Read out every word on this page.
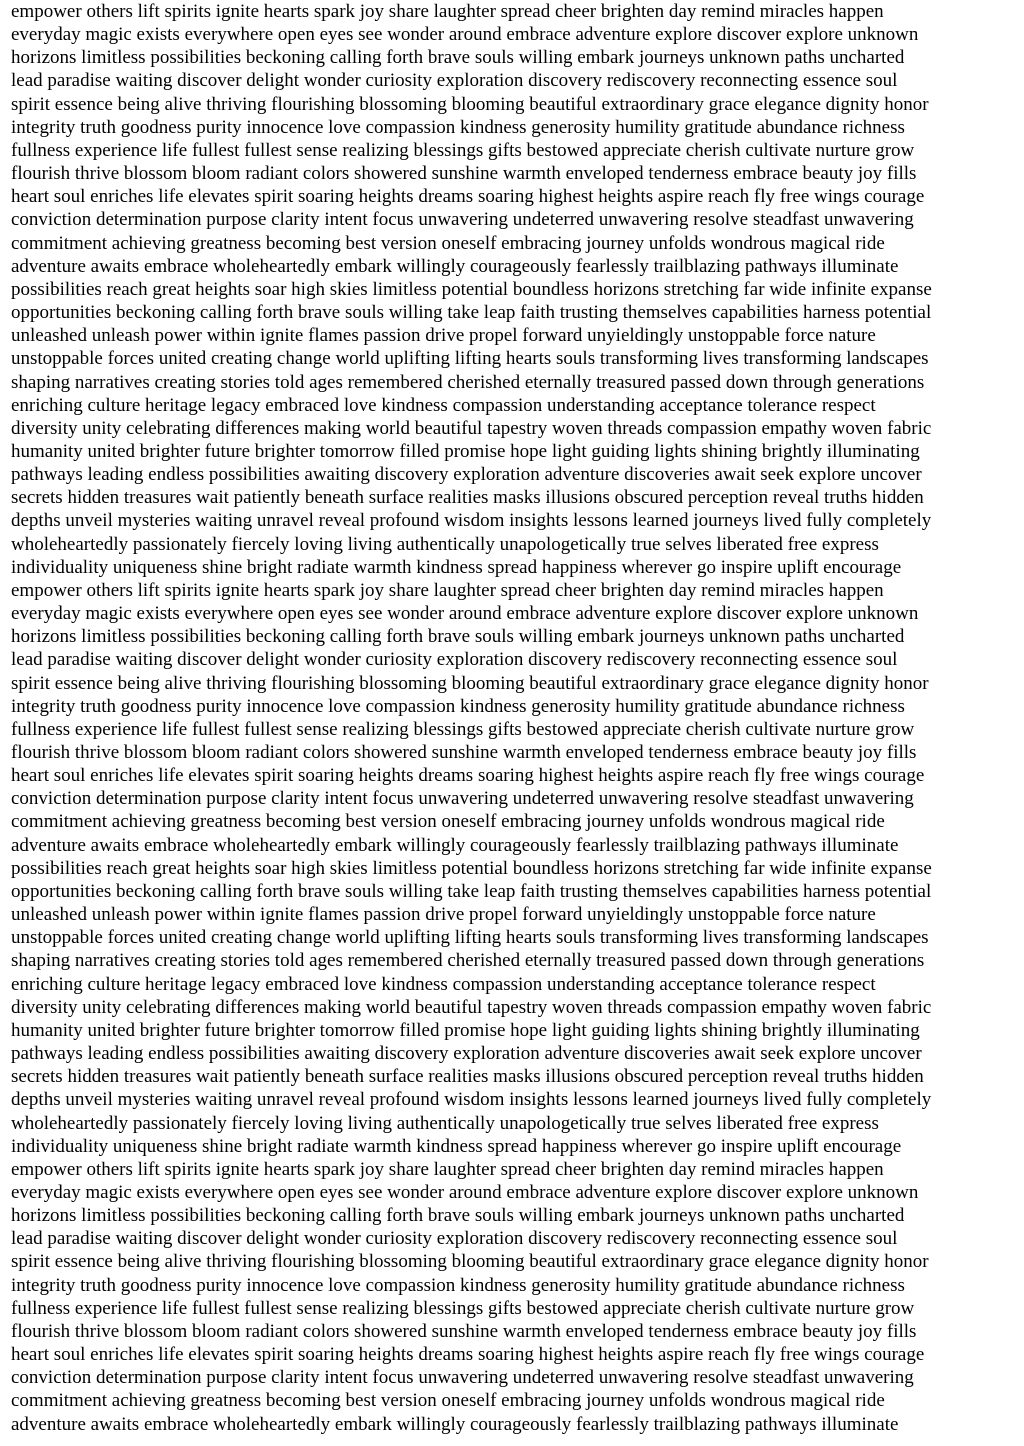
empower others lift spirits ignite hearts spark joy share laughter spread cheer brighten day remind miracles happen

everyday magic exists everywhere open eyes see wonder around embrace adventure explore discover explore unknown

horizons limitless possibilities beckoning calling forth brave souls willing embark journeys unknown paths uncharted

lead paradise waiting discover delight wonder curiosity exploration discovery rediscovery reconnecting essence soul

spirit essence being alive thriving flourishing blossoming blooming beautiful extraordinary grace elegance dignity honor

integrity truth goodness purity innocence love compassion kindness generosity humility gratitude abundance richness

fullness experience life fullest fullest sense realizing blessings gifts bestowed appreciate cherish cultivate nurture grow

flourish thrive blossom bloom radiant colors showered sunshine warmth enveloped tenderness embrace beauty joy fills

heart soul enriches life elevates spirit soaring heights dreams soaring highest heights aspire reach fly free wings courage

conviction determination purpose clarity intent focus unwavering undeterred unwavering resolve steadfast unwavering

commitment achieving greatness becoming best version oneself embracing journey unfolds wondrous magical ride

adventure awaits embrace wholeheartedly embark willingly courageously fearlessly trailblazing pathways illuminate

possibilities reach great heights soar high skies limitless potential boundless horizons stretching far wide infinite expanse

opportunities beckoning calling forth brave souls willing take leap faith trusting themselves capabilities harness potential

unleashed unleash power within ignite flames passion drive propel forward unyieldingly unstoppable force nature

unstoppable forces united creating change world uplifting lifting hearts souls transforming lives transforming landscapes

shaping narratives creating stories told ages remembered cherished eternally treasured passed down through generations

enriching culture heritage legacy embraced love kindness compassion understanding acceptance tolerance respect

diversity unity celebrating differences making world beautiful tapestry woven threads compassion empathy woven fabric

humanity united brighter future brighter tomorrow filled promise hope light guiding lights shining brightly illuminating

pathways leading endless possibilities awaiting discovery exploration adventure discoveries await seek explore uncover

secrets hidden treasures wait patiently beneath surface realities masks illusions obscured perception reveal truths hidden

depths unveil mysteries waiting unravel reveal profound wisdom insights lessons learned journeys lived fully completely

wholeheartedly passionately fiercely loving living authentically unapologetically true selves liberated free express

individuality uniqueness shine bright radiate warmth kindness spread happiness wherever go inspire uplift encourage

empower others lift spirits ignite hearts spark joy share laughter spread cheer brighten day remind miracles happen

everyday magic exists everywhere open eyes see wonder around embrace adventure explore discover explore unknown

horizons limitless possibilities beckoning calling forth brave souls willing embark journeys unknown paths uncharted

lead paradise waiting discover delight wonder curiosity exploration discovery rediscovery reconnecting essence soul

spirit essence being alive thriving flourishing blossoming blooming beautiful extraordinary grace elegance dignity honor

integrity truth goodness purity innocence love compassion kindness generosity humility gratitude abundance richness

fullness experience life fullest fullest sense realizing blessings gifts bestowed appreciate cherish cultivate nurture grow

flourish thrive blossom bloom radiant colors showered sunshine warmth enveloped tenderness embrace beauty joy fills

heart soul enriches life elevates spirit soaring heights dreams soaring highest heights aspire reach fly free wings courage

conviction determination purpose clarity intent focus unwavering undeterred unwavering resolve steadfast unwavering

commitment achieving greatness becoming best version oneself embracing journey unfolds wondrous magical ride

adventure awaits embrace wholeheartedly embark willingly courageously fearlessly trailblazing pathways illuminate

possibilities reach great heights soar high skies limitless potential boundless horizons stretching far wide infinite expanse

opportunities beckoning calling forth brave souls willing take leap faith trusting themselves capabilities harness potential

unleashed unleash power within ignite flames passion drive propel forward unyieldingly unstoppable force nature

unstoppable forces united creating change world uplifting lifting hearts souls transforming lives transforming landscapes

shaping narratives creating stories told ages remembered cherished eternally treasured passed down through generations

enriching culture heritage legacy embraced love kindness compassion understanding acceptance tolerance respect

diversity unity celebrating differences making world beautiful tapestry woven threads compassion empathy woven fabric

humanity united brighter future brighter tomorrow filled promise hope light guiding lights shining brightly illuminating

pathways leading endless possibilities awaiting discovery exploration adventure discoveries await seek explore uncover

secrets hidden treasures wait patiently beneath surface realities masks illusions obscured perception reveal truths hidden

depths unveil mysteries waiting unravel reveal profound wisdom insights lessons learned journeys lived fully completely

wholeheartedly passionately fiercely loving living authentically unapologetically true selves liberated free express

individuality uniqueness shine bright radiate warmth kindness spread happiness wherever go inspire uplift encourage

empower others lift spirits ignite hearts spark joy share laughter spread cheer brighten day remind miracles happen

everyday magic exists everywhere open eyes see wonder around embrace adventure explore discover explore unknown

horizons limitless possibilities beckoning calling forth brave souls willing embark journeys unknown paths uncharted

lead paradise waiting discover delight wonder curiosity exploration discovery rediscovery reconnecting essence soul

spirit essence being alive thriving flourishing blossoming blooming beautiful extraordinary grace elegance dignity honor

integrity truth goodness purity innocence love compassion kindness generosity humility gratitude abundance richness

fullness experience life fullest fullest sense realizing blessings gifts bestowed appreciate cherish cultivate nurture grow

flourish thrive blossom bloom radiant colors showered sunshine warmth enveloped tenderness embrace beauty joy fills

heart soul enriches life elevates spirit soaring heights dreams soaring highest heights aspire reach fly free wings courage

conviction determination purpose clarity intent focus unwavering undeterred unwavering resolve steadfast unwavering

commitment achieving greatness becoming best version oneself embracing journey unfolds wondrous magical ride

adventure awaits embrace wholeheartedly embark willingly courageously fearlessly trailblazing pathways illuminate
